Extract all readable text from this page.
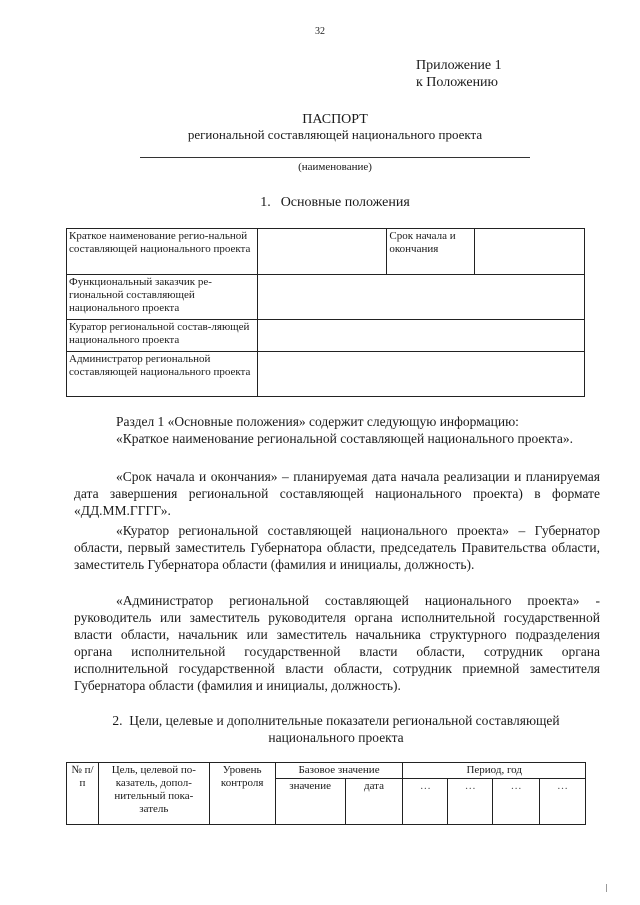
32
Приложение 1
к Положению
ПАСПОРТ
региональной составляющей национального проекта
(наименование)
1. Основные положения
Краткое наименование регио-нальной составляющей национального проекта		Срок начала и окончания	
Функциональный заказчик ре-гиональной составляющей национального проекта			
Куратор региональной состав-ляющей национального проекта			
Администратор региональной составляющей национального проекта			
Раздел 1 «Основные положения» содержит следующую информацию:
«Краткое наименование региональной составляющей национального проекта».
«Срок начала и окончания» – планируемая дата начала реализации и планируемая дата завершения региональной составляющей национального проекта) в формате «ДД.ММ.ГГГГ».
«Куратор региональной составляющей национального проекта» – Губернатор области, первый заместитель Губернатора области, председатель Правительства области, заместитель Губернатора области (фамилия и инициалы, должность).
«Администратор региональной составляющей национального проекта» - руководитель или заместитель руководителя органа исполнительной государственной власти области, начальник или заместитель начальника структурного подразделения органа исполнительной государственной власти области, сотрудник органа исполнительной государственной власти области, сотрудник приемной заместителя Губернатора области (фамилия и инициалы, должность).
2. Цели, целевые и дополнительные показатели региональной составляющей
национального проекта
№ п/п	Цель, целевой по-казатель, допол-нительный пока-затель	Уровень контроля	Базовое значение		Период, год			
			значение	дата	…	…	…	…
